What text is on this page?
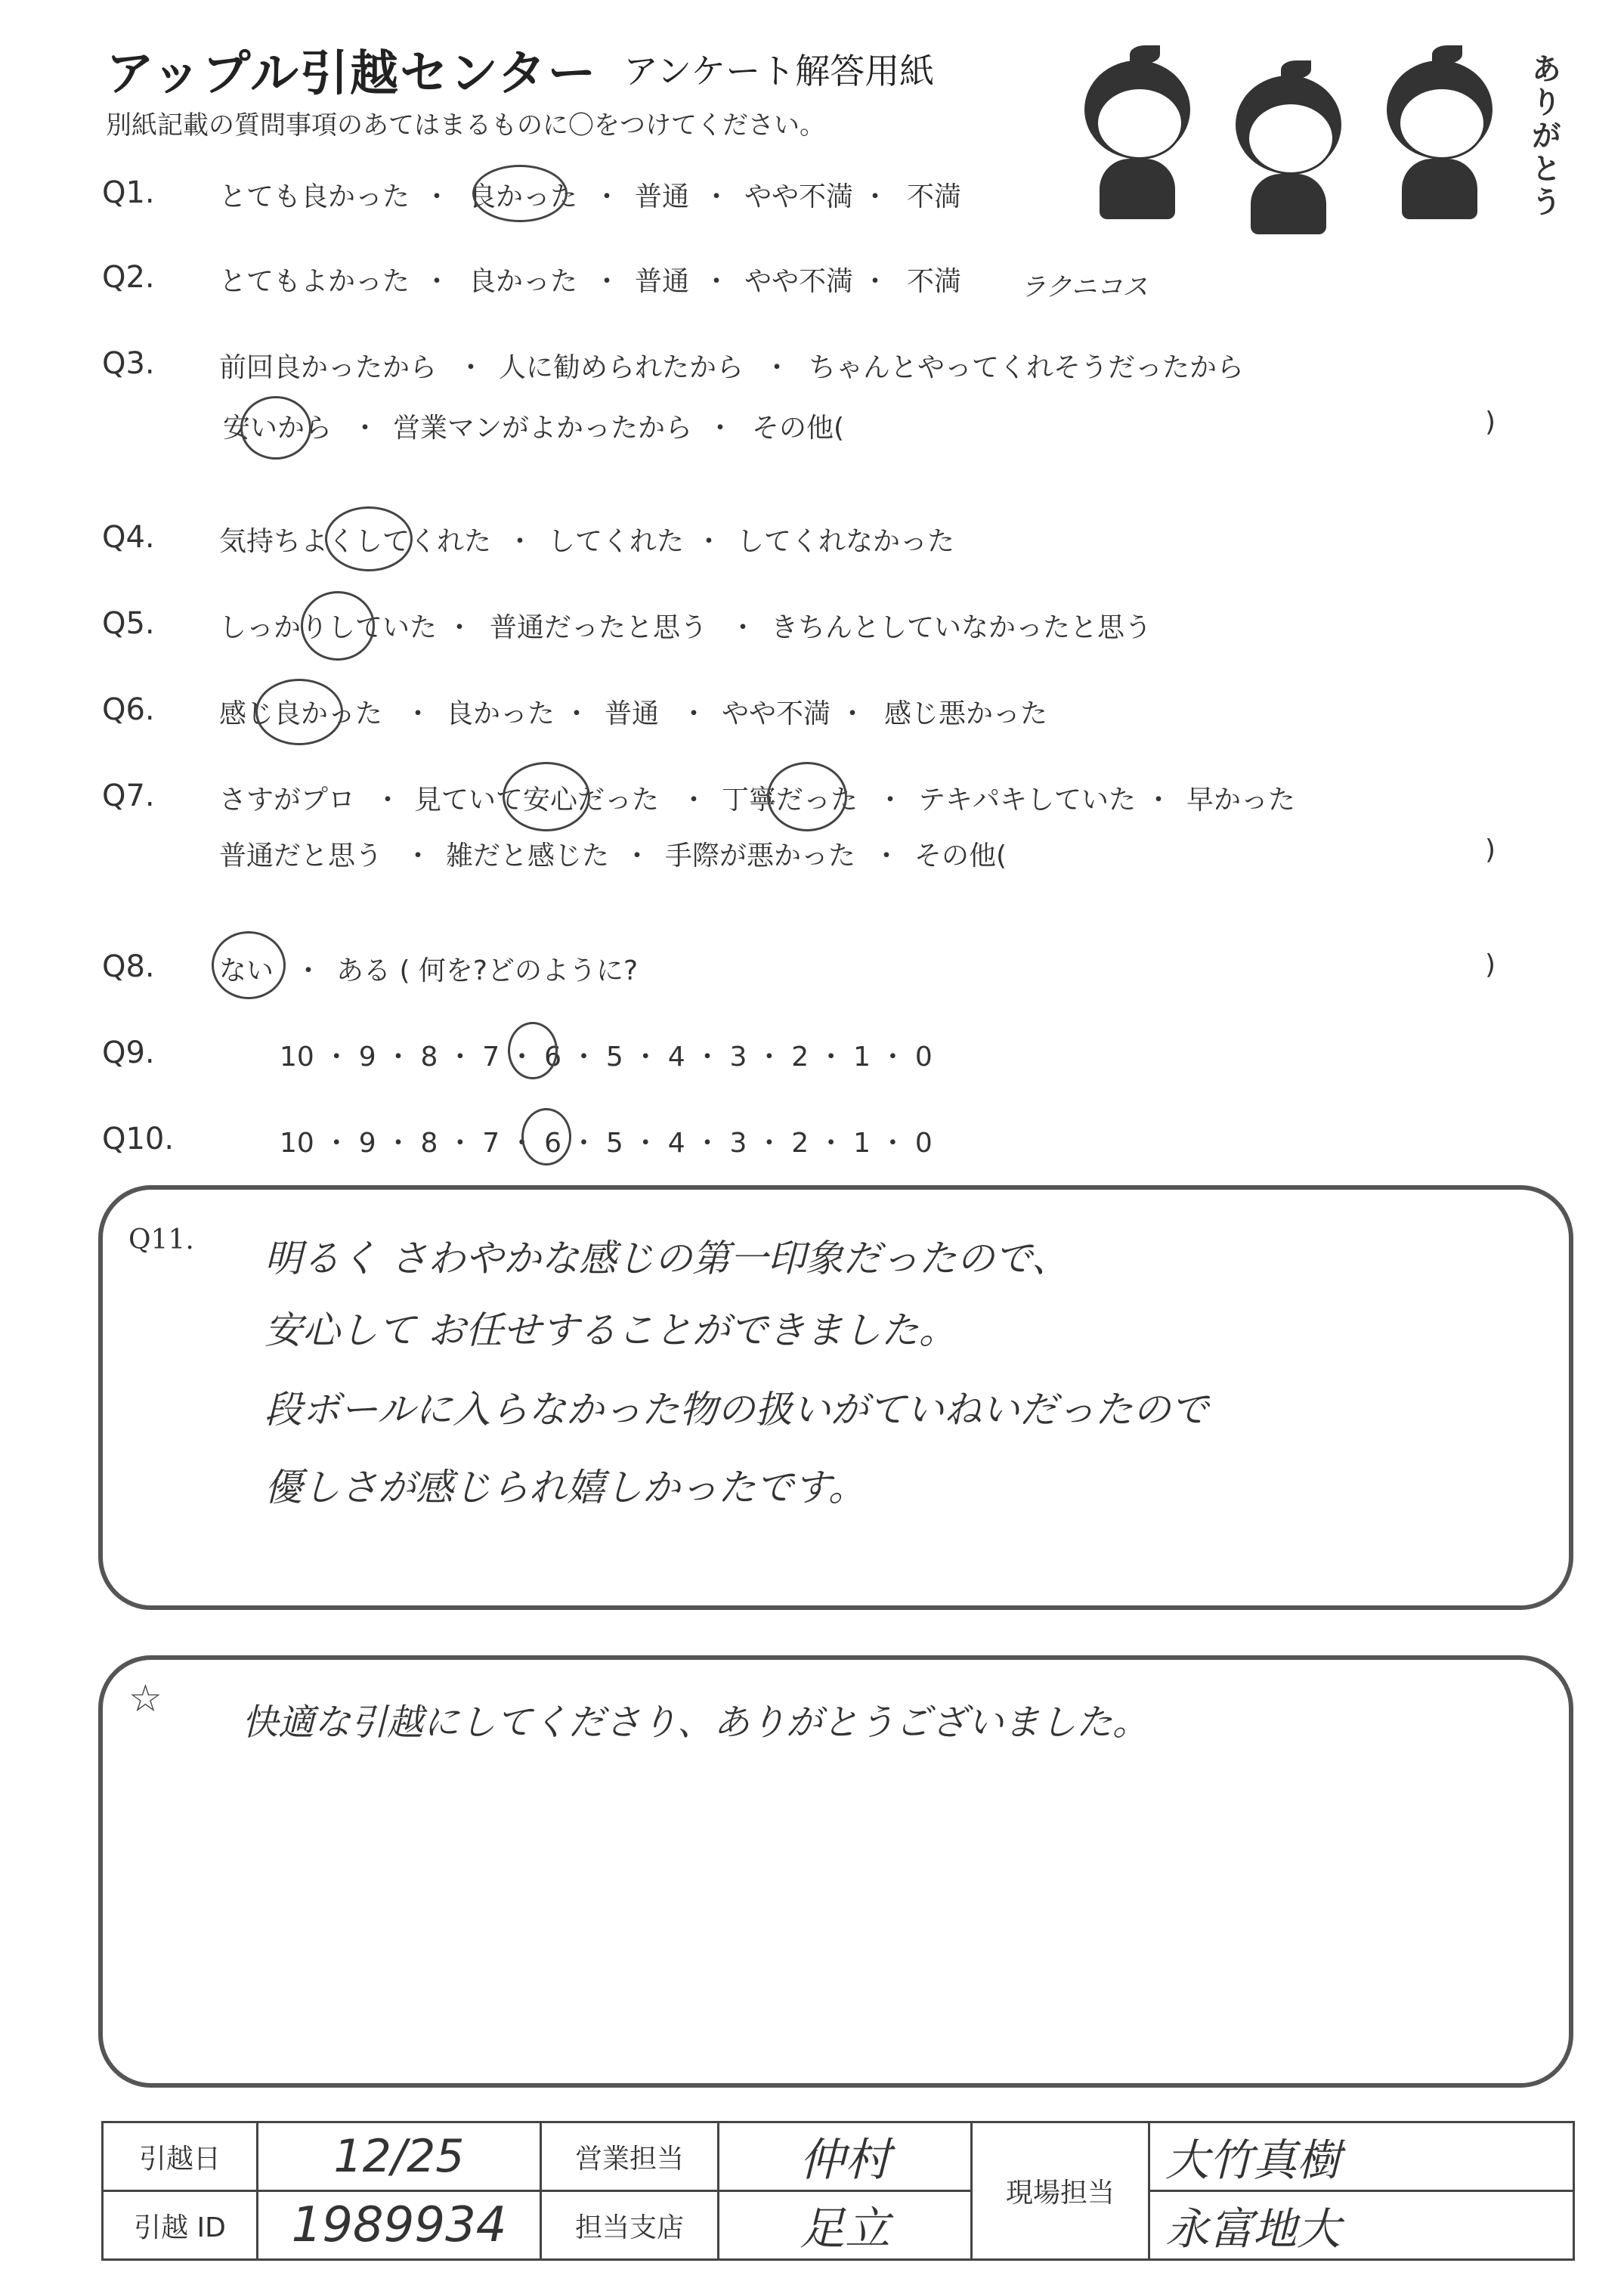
アップル引越センター アンケート解答用紙
別紙記載の質問事項のあてはまるものに〇をつけてください。	ありがとう
Q1. とても良かった ・ 良かった ・ 普通 ・ やや不満 ・ 不満
Q2. とてもよかった ・ 良かった ・ 普通 ・ やや不満 ・ 不満 ラクニコス
Q3. 前回良かったから ・ 人に勧められたから ・ ちゃんとやってくれそうだったから
安いから ・ 営業マンがよかったから ・ その他(	)
Q4. 気持ちよくしてくれた ・ してくれた ・ してくれなかった
Q5. しっかりしていた ・ 普通だったと思う ・ きちんとしていなかったと思う
Q6. 感じ良かった ・ 良かった ・ 普通 ・ やや不満 ・ 感じ悪かった
Q7. さすがプロ ・ 見ていて安心だった ・ 丁寧だった ・ テキパキしていた ・ 早かった
普通だと思う ・ 雑だと感じた ・ 手際が悪かった ・ その他(	)
Q8. ない ・ ある ( 何を?どのように?	)
Q9.	10 ・ 9 ・ 8 ・ 7 ・ 6 ・ 5 ・ 4 ・ 3 ・ 2 ・ 1 ・ 0
Q10.	10 ・ 9 ・ 8 ・ 7 ・ 6 ・ 5 ・ 4 ・ 3 ・ 2 ・ 1 ・ 0
Q11. 明るく さわやかな感じの第一印象だったので、
安心して お任せすることができました。
段ボールに入らなかった物の扱いがていねいだったので
優しさが感じられ嬉しかったです。
☆
快適な引越にしてくださり、ありがとうございました。
引越日	12/25	営業担当	仲村	現場担当	大竹真樹
引越 ID	1989934	担当支店	足立		永富地大
